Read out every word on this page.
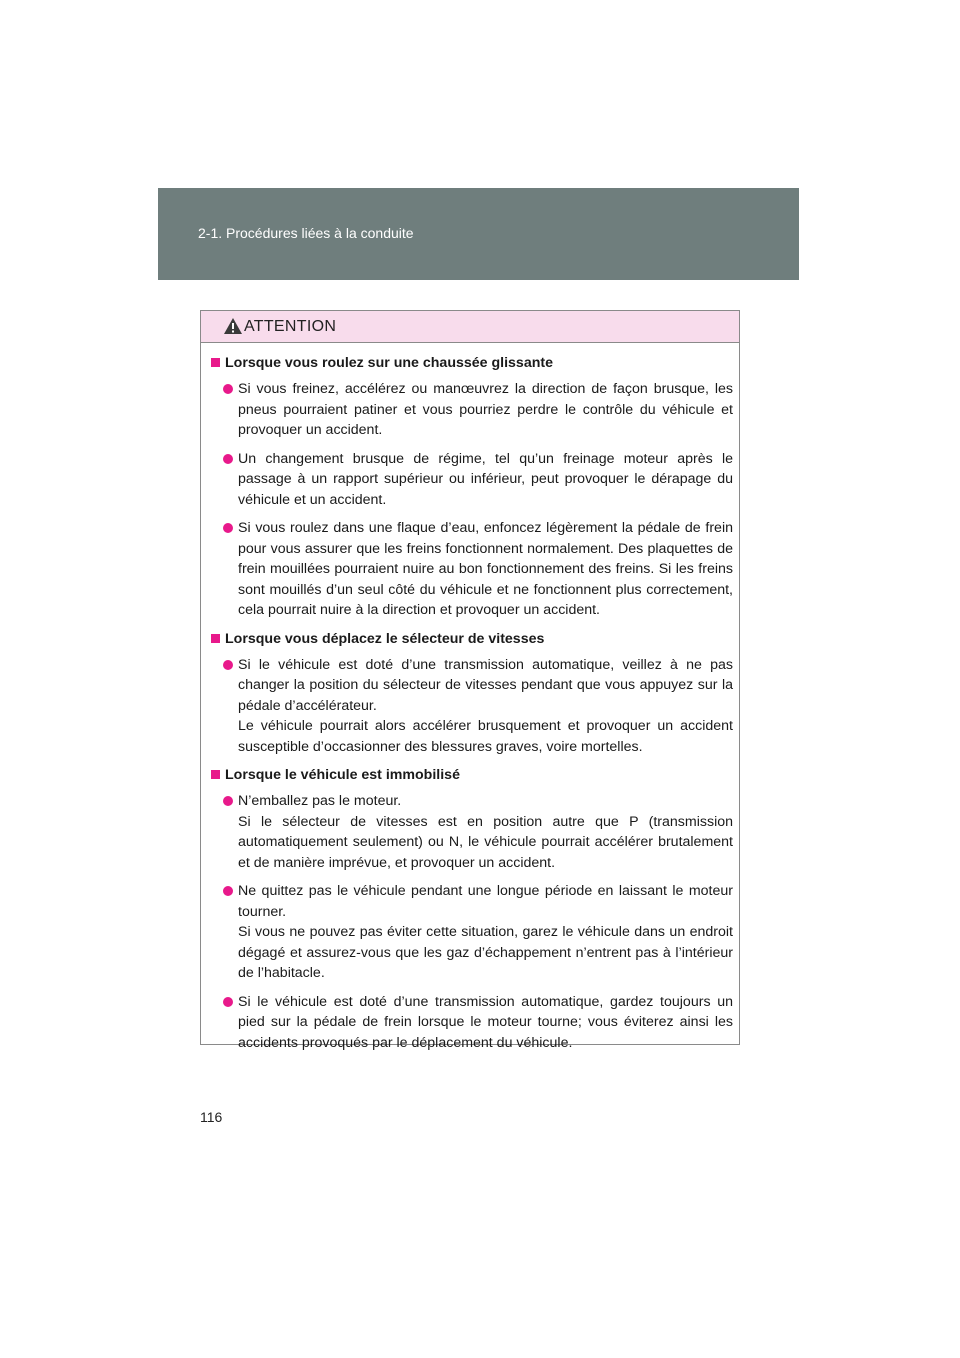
2-1. Procédures liées à la conduite
ATTENTION
Lorsque vous roulez sur une chaussée glissante

Si vous freinez, accélérez ou manœuvrez la direction de façon brusque, les pneus pourraient patiner et vous pourriez perdre le contrôle du véhicule et provoquer un accident.

Un changement brusque de régime, tel qu’un freinage moteur après le passage à un rapport supérieur ou inférieur, peut provoquer le dérapage du véhicule et un accident.

Si vous roulez dans une flaque d’eau, enfoncez légèrement la pédale de frein pour vous assurer que les freins fonctionnent normalement. Des plaquettes de frein mouillées pourraient nuire au bon fonctionnement des freins. Si les freins sont mouillés d’un seul côté du véhicule et ne fonctionnent plus correctement, cela pourrait nuire à la direction et provoquer un accident.

Lorsque vous déplacez le sélecteur de vitesses

Si le véhicule est doté d’une transmission automatique, veillez à ne pas changer la position du sélecteur de vitesses pendant que vous appuyez sur la pédale d’accélérateur.

Le véhicule pourrait alors accélérer brusquement et provoquer un accident susceptible d’occasionner des blessures graves, voire mortelles.

Lorsque le véhicule est immobilisé

N’emballez pas le moteur.

Si le sélecteur de vitesses est en position autre que P (transmission automatiquement seulement) ou N, le véhicule pourrait accélérer brutalement et de manière imprévue, et provoquer un accident.

Ne quittez pas le véhicule pendant une longue période en laissant le moteur tourner.

Si vous ne pouvez pas éviter cette situation, garez le véhicule dans un endroit dégagé et assurez-vous que les gaz d’échappement n’entrent pas à l’intérieur de l’habitacle.

Si le véhicule est doté d’une transmission automatique, gardez toujours un pied sur la pédale de frein lorsque le moteur tourne; vous éviterez ainsi les accidents provoqués par le déplacement du véhicule.

116
